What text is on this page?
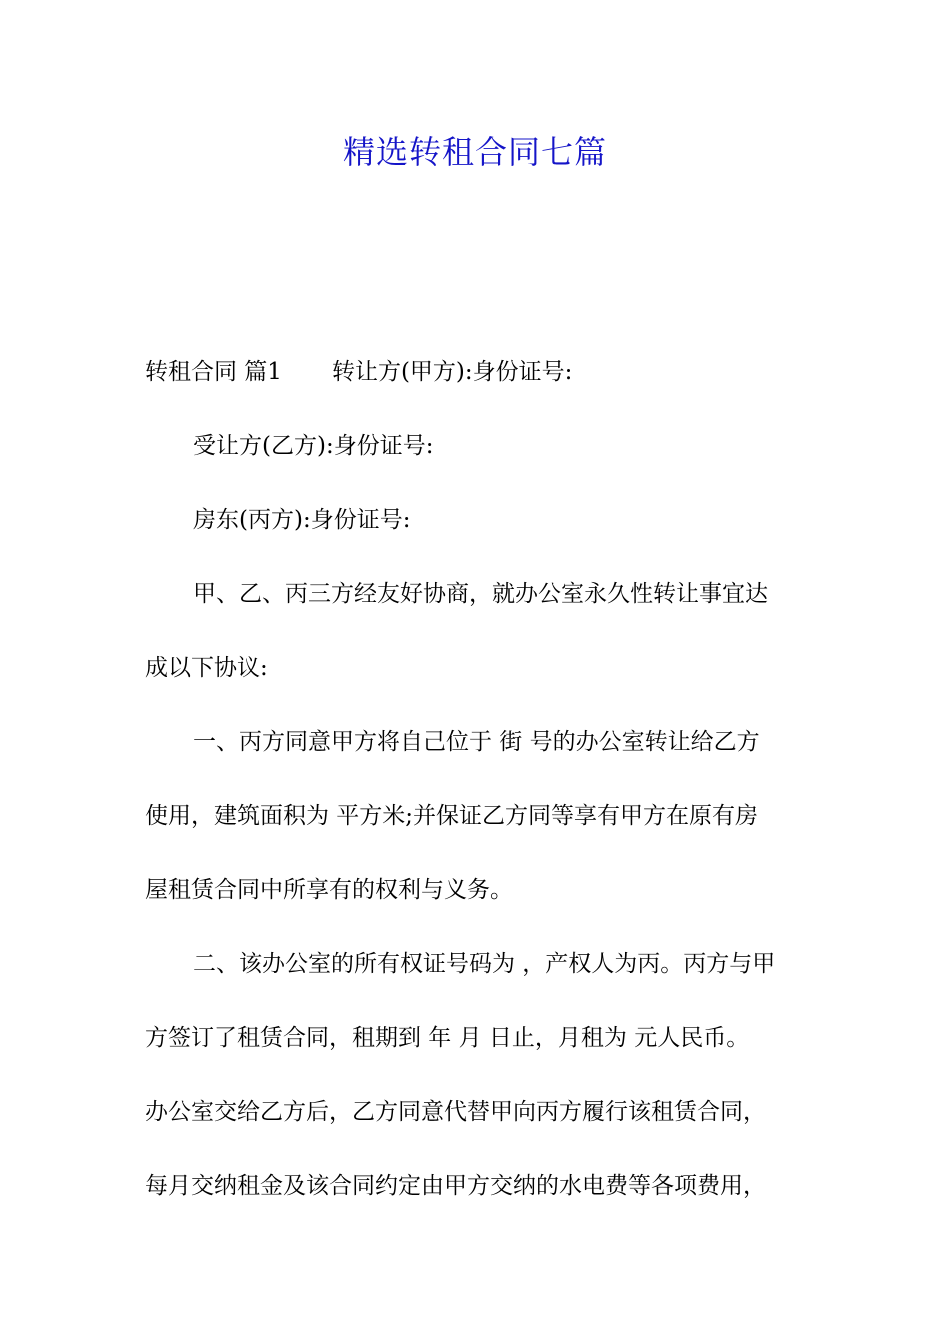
精选转租合同七篇
转租合同 篇1 转让方(甲方):身份证号:
受让方(乙方):身份证号:
房东(丙方):身份证号:
甲、乙、丙三方经友好协商，就办公室永久性转让事宜达
成以下协议:
一、丙方同意甲方将自己位于 街 号的办公室转让给乙方
使用，建筑面积为 平方米;并保证乙方同等享有甲方在原有房
屋租赁合同中所享有的权利与义务。
二、该办公室的所有权证号码为 ，产权人为丙。丙方与甲
方签订了租赁合同，租期到 年 月 日止，月租为 元人民币。
办公室交给乙方后，乙方同意代替甲向丙方履行该租赁合同，
每月交纳租金及该合同约定由甲方交纳的水电费等各项费用，
